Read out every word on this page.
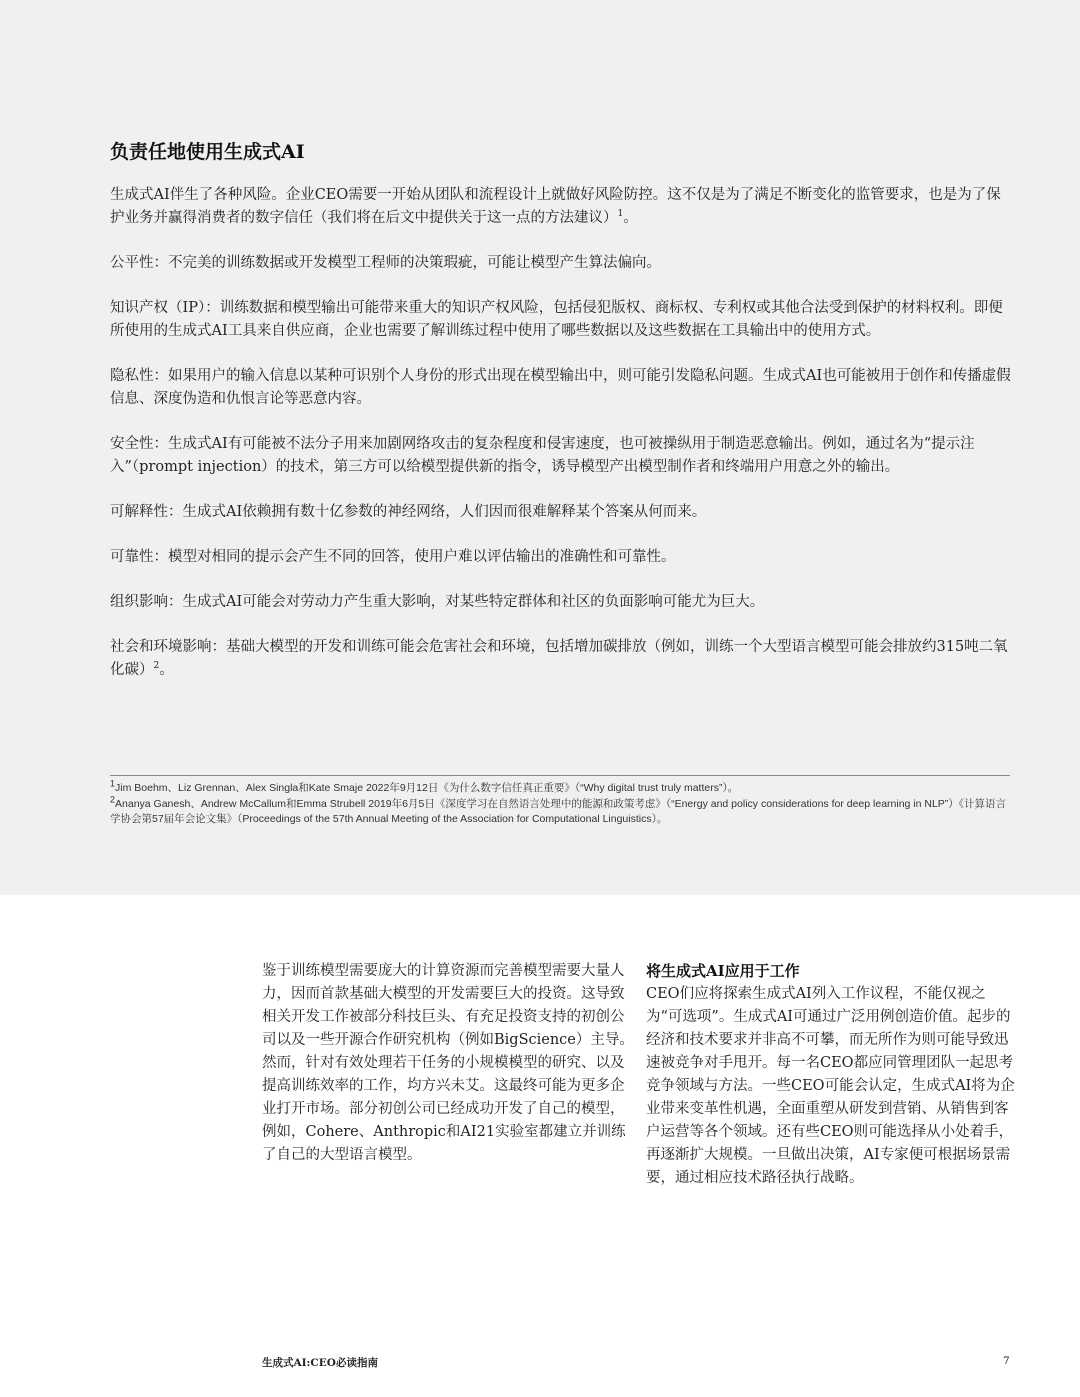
负责任地使用生成式AI

生成式AI伴生了各种风险。企业CEO需要一开始从团队和流程设计上就做好风险防控。这不仅是为了满足不断变化的监管要求，也是为了保护业务并赢得消费者的数字信任（我们将在后文中提供关于这一点的方法建议）$^1$。

公平性：不完美的训练数据或开发模型工程师的决策瑕疵，可能让模型产生算法偏向。

知识产权（IP）：训练数据和模型输出可能带来重大的知识产权风险，包括侵犯版权、商标权、专利权或其他合法受到保护的材料权利。即便所使用的生成式AI工具来自供应商，企业也需要了解训练过程中使用了哪些数据以及这些数据在工具输出中的使用方式。

隐私性：如果用户的输入信息以某种可识别个人身份的形式出现在模型输出中，则可能引发隐私问题。生成式AI也可能被用于创作和传播虚假信息、深度伪造和仇恨言论等恶意内容。

安全性：生成式AI有可能被不法分子用来加剧网络攻击的复杂程度和侵害速度，也可被操纵用于制造恶意输出。例如，通过名为“提示注入”（prompt injection）的技术，第三方可以给模型提供新的指令，诱导模型产出模型制作者和终端用户用意之外的输出。

可解释性：生成式AI依赖拥有数十亿参数的神经网络，人们因而很难解释某个答案从何而来。

可靠性：模型对相同的提示会产生不同的回答，使用户难以评估输出的准确性和可靠性。

组织影响：生成式AI可能会对劳动力产生重大影响，对某些特定群体和社区的负面影响可能尤为巨大。

社会和环境影响：基础大模型的开发和训练可能会危害社会和环境，包括增加碳排放（例如，训练一个大型语言模型可能会排放约315吨二氧化碳）$^2$。

$^1$Jim Boehm、Liz Grennan、Alex Singla和Kate Smaje 2022年9月12日《为什么数字信任真正重要》（“Why digital trust truly matters”）。

$^2$Ananya Ganesh、Andrew McCallum和Emma Strubell 2019年6月5日《深度学习在自然语言处理中的能源和政策考虑》（“Energy and policy considerations for deep learning in NLP”）《计算语言学协会第57届年会论文集》（Proceedings of the 57th Annual Meeting of the Association for Computational Linguistics）。

鉴于训练模型需要庞大的计算资源而完善模型需要大量人力，因而首款基础大模型的开发需要巨大的投资。这导致相关开发工作被部分科技巨头、有充足投资支持的初创公司以及一些开源合作研究机构（例如BigScience）主导。然而，针对有效处理若干任务的小规模模型的研究、以及提高训练效率的工作，均方兴未艾。这最终可能为更多企业打开市场。部分初创公司已经成功开发了自己的模型，例如，Cohere、Anthropic和AI21实验室都建立并训练了自己的大型语言模型。

将生成式AI应用于工作

CEO们应将探索生成式AI列入工作议程，不能仅视之为“可选项”。生成式AI可通过广泛用例创造价值。起步的经济和技术要求并非高不可攀，而无所作为则可能导致迅速被竞争对手甩开。每一名CEO都应同管理团队一起思考竞争领域与方法。一些CEO可能会认定，生成式AI将为企业带来变革性机遇，全面重塑从研发到营销、从销售到客户运营等各个领域。还有些CEO则可能选择从小处着手，再逐渐扩大规模。一旦做出决策，AI专家便可根据场景需要，通过相应技术路径执行战略。

生成式AI:CEO必读指南	7
